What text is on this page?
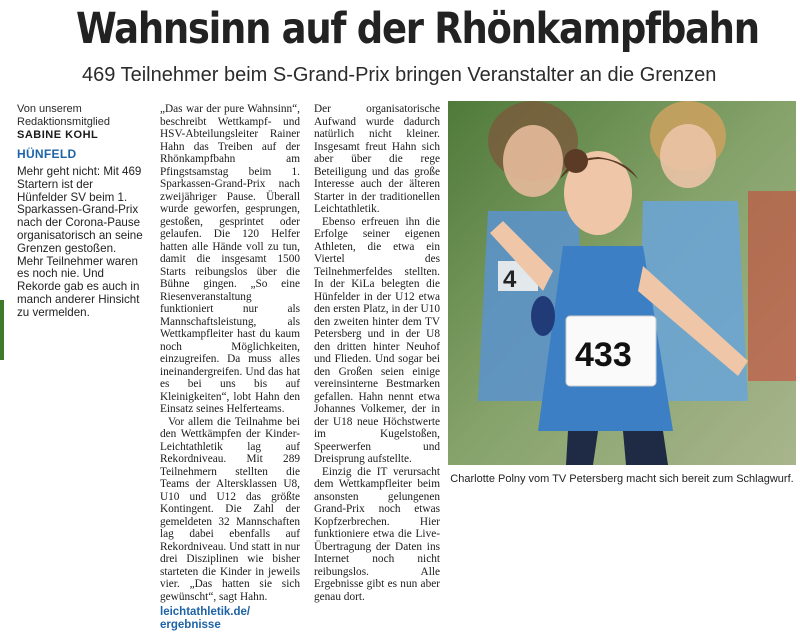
Wahnsinn auf der Rhönkampfbahn
469 Teilnehmer beim S-Grand-Prix bringen Veranstalter an die Grenzen
Von unserem
Redaktionsmitglied
SABINE KOHL
HÜNFELD
Mehr geht nicht: Mit 469 Startern ist der Hünfelder SV beim 1. Sparkassen-Grand-Prix nach der Corona-Pause organisatorisch an seine Grenzen gestoßen. Mehr Teilnehmer waren es noch nie. Und Rekorde gab es auch in manch anderer Hinsicht zu vermelden.

„Das war der pure Wahnsinn“, beschreibt Wettkampf- und HSV-Abteilungsleiter Rainer Hahn das Treiben auf der Rhönkampfbahn am Pfingstsamstag beim 1. Sparkassen-Grand-Prix nach zweijähriger Pause. Überall wurde geworfen, gesprungen, gestoßen, gesprintet oder gelaufen. Die 120 Helfer hatten alle Hände voll zu tun, damit die insgesamt 1500 Starts reibungslos über die Bühne gingen. „So eine Riesenveranstaltung funktioniert nur als Mannschaftsleistung, als Wettkampfleiter hast du kaum noch Möglichkeiten, einzugreifen. Da muss alles ineinandergreifen. Und das hat es bei uns bis auf Kleinigkeiten“, lobt Hahn den Einsatz seines Helferteams.

Vor allem die Teilnahme bei den Wettkämpfen der Kinder-Leichtathletik lag auf Rekordniveau. Mit 289 Teilnehmern stellten die Teams der Altersklassen U8, U10 und U12 das größte Kontingent. Die Zahl der gemeldeten 32 Mannschaften lag dabei ebenfalls auf Rekordniveau. Und statt in nur drei Disziplinen wie bisher starteten die Kinder in jeweils vier. „Das hatten sie sich gewünscht“, sagt Hahn.

leichtathletik.de/
ergebnisse

Der organisatorische Aufwand wurde dadurch natürlich nicht kleiner. Insgesamt freut Hahn sich aber über die rege Beteiligung und das große Interesse auch der älteren Starter in der traditionellen Leichtathletik.

Ebenso erfreuen ihn die Erfolge seiner eigenen Athleten, die etwa ein Viertel des Teilnehmerfeldes stellten. In der KiLa belegten die Hünfelder in der U12 etwa den ersten Platz, in der U10 den zweiten hinter dem TV Petersberg und in der U8 den dritten hinter Neuhof und Flieden. Und sogar bei den Großen seien einige vereinsinterne Bestmarken gefallen. Hahn nennt etwa Johannes Volkemer, der in der U18 neue Höchstwerte im Kugelstoßen, Speerwerfen und Dreisprung aufstellte.

Einzig die IT verursacht dem Wettkampfleiter beim ansonsten gelungenen Grand-Prix noch etwas Kopfzerbrechen. Hier funktioniere etwa die Live-Übertragung der Daten ins Internet noch nicht reibungslos. Alle Ergebnisse gibt es nun aber genau dort.

4
433
Charlotte Polny vom TV Petersberg macht sich bereit zum Schlagwurf.
